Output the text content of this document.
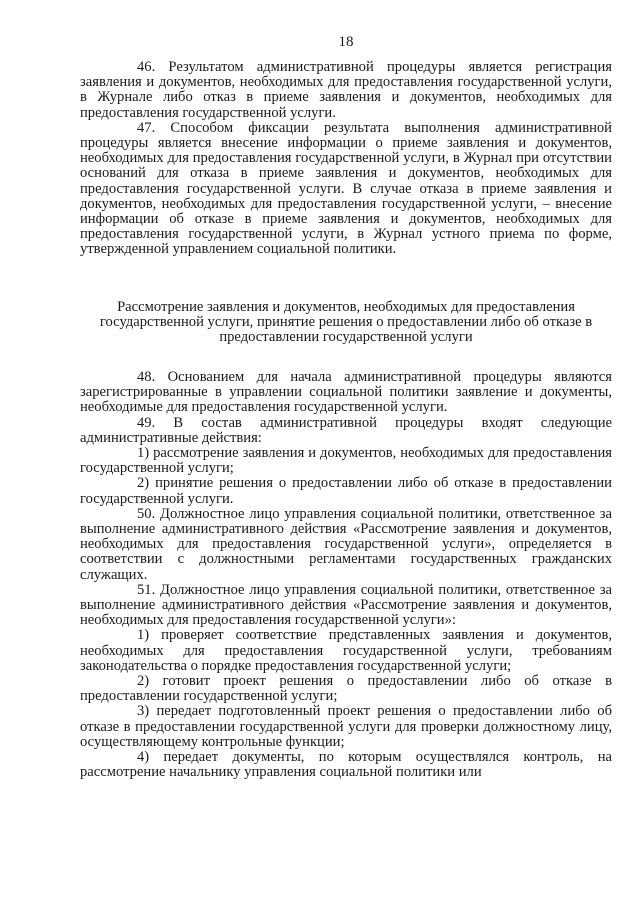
18

46. Результатом административной процедуры является регистрация заявления и документов, необходимых для предоставления государственной услуги, в Журнале либо отказ в приеме заявления и документов, необходимых для предоставления государственной услуги.

47. Способом фиксации результата выполнения административной процедуры является внесение информации о приеме заявления и документов, необходимых для предоставления государственной услуги, в Журнал при отсутствии оснований для отказа в приеме заявления и документов, необходимых для предоставления государственной услуги. В случае отказа в приеме заявления и документов, необходимых для предоставления государственной услуги, – внесение информации об отказе в приеме заявления и документов, необходимых для предоставления государственной услуги, в Журнал устного приема по форме, утвержденной управлением социальной политики.

Рассмотрение заявления и документов, необходимых для предоставления государственной услуги, принятие решения о предоставлении либо об отказе в предоставлении государственной услуги

48. Основанием для начала административной процедуры являются зарегистрированные в управлении социальной политики заявление и документы, необходимые для предоставления государственной услуги.

49. В состав административной процедуры входят следующие административные действия:

1) рассмотрение заявления и документов, необходимых для предоставления государственной услуги;

2) принятие решения о предоставлении либо об отказе в предоставлении государственной услуги.

50. Должностное лицо управления социальной политики, ответственное за выполнение административного действия «Рассмотрение заявления и документов, необходимых для предоставления государственной услуги», определяется в соответствии с должностными регламентами государственных гражданских служащих.

51. Должностное лицо управления социальной политики, ответственное за выполнение административного действия «Рассмотрение заявления и документов, необходимых для предоставления государственной услуги»:

1) проверяет соответствие представленных заявления и документов, необходимых для предоставления государственной услуги, требованиям законодательства о порядке предоставления государственной услуги;

2) готовит проект решения о предоставлении либо об отказе в предоставлении государственной услуги;

3) передает подготовленный проект решения о предоставлении либо об отказе в предоставлении государственной услуги для проверки должностному лицу, осуществляющему контрольные функции;

4) передает документы, по которым осуществлялся контроль, на рассмотрение начальнику управления социальной политики или
